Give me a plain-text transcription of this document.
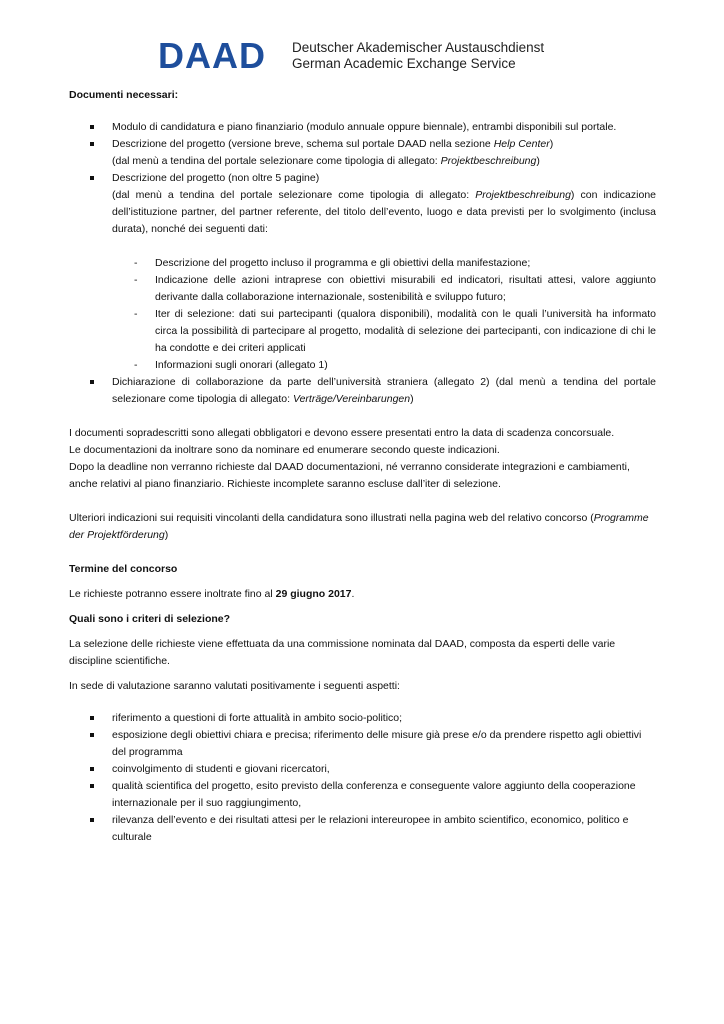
DAAD Deutscher Akademischer Austauschdienst
German Academic Exchange Service

Documenti necessari:

Modulo di candidatura e piano finanziario (modulo annuale oppure biennale), entrambi disponibili sul portale.
Descrizione del progetto (versione breve, schema sul portale DAAD nella sezione Help Center)
(dal menù a tendina del portale selezionare come tipologia di allegato: Projektbeschreibung)
Descrizione del progetto (non oltre 5 pagine)
(dal menù a tendina del portale selezionare come tipologia di allegato: Projektbeschreibung) con indicazione dell’istituzione partner, del partner referente, del titolo dell’evento, luogo e data previsti per lo svolgimento (inclusa durata), nonché dei seguenti dati:
- Descrizione del progetto incluso il programma e gli obiettivi della manifestazione;
- Indicazione delle azioni intraprese con obiettivi misurabili ed indicatori, risultati attesi, valore aggiunto derivante dalla collaborazione internazionale, sostenibilità e sviluppo futuro;
- Iter di selezione: dati sui partecipanti (qualora disponibili), modalità con le quali l’università ha informato circa la possibilità di partecipare al progetto, modalità di selezione dei partecipanti, con indicazione di chi le ha condotte e dei criteri applicati
- Informazioni sugli onorari (allegato 1)
Dichiarazione di collaborazione da parte dell’università straniera (allegato 2) (dal menù a tendina del portale selezionare come tipologia di allegato: Verträge/Vereinbarungen)

I documenti sopradescritti sono allegati obbligatori e devono essere presentati entro la data di scadenza concorsuale.

Le documentazioni da inoltrare sono da nominare ed enumerare secondo queste indicazioni.

Dopo la deadline non verranno richieste dal DAAD documentazioni, né verranno considerate integrazioni e cambiamenti, anche relativi al piano finanziario. Richieste incomplete saranno escluse dall’iter di selezione.

Ulteriori indicazioni sui requisiti vincolanti della candidatura sono illustrati nella pagina web del relativo concorso (Programme der Projektförderung)

Termine del concorso

Le richieste potranno essere inoltrate fino al 29 giugno 2017.

Quali sono i criteri di selezione?

La selezione delle richieste viene effettuata da una commissione nominata dal DAAD, composta da esperti delle varie discipline scientifiche.

In sede di valutazione saranno valutati positivamente i seguenti aspetti:

riferimento a questioni di forte attualità in ambito socio-politico;
esposizione degli obiettivi chiara e precisa; riferimento delle misure già prese e/o da prendere rispetto agli obiettivi del programma
coinvolgimento di studenti e giovani ricercatori,
qualità scientifica del progetto, esito previsto della conferenza e conseguente valore aggiunto della cooperazione internazionale per il suo raggiungimento,
rilevanza dell’evento e dei risultati attesi per le relazioni intereuropee in ambito scientifico, economico, politico e culturale
